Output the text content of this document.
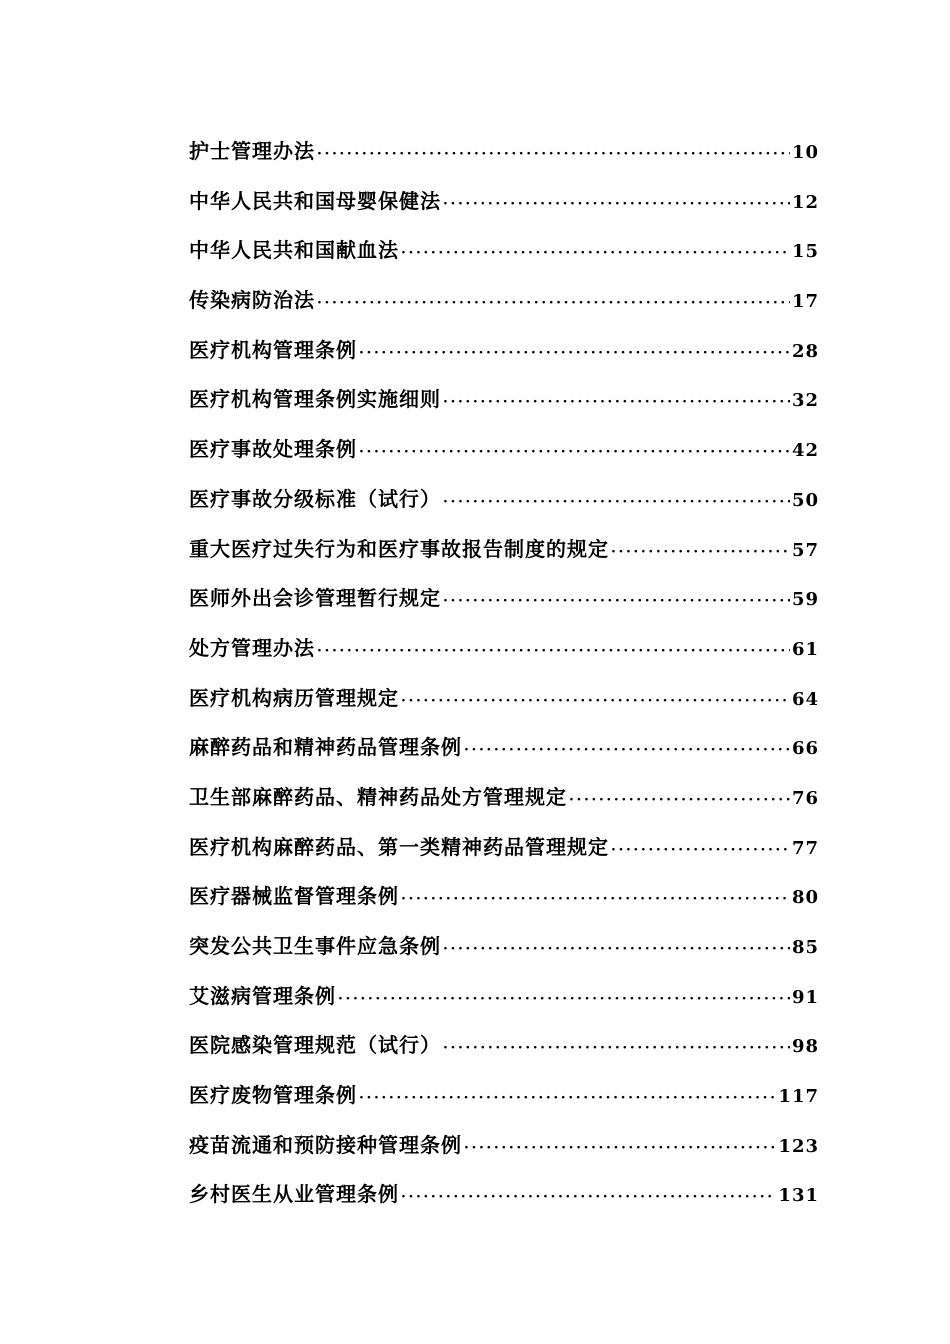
护士管理办法 ·····	10
中华人民共和国母婴保健法 ·····	12
中华人民共和国献血法 ·····	15
传染病防治法 ·····	17
医疗机构管理条例 ·····	28
医疗机构管理条例实施细则 ·····	32
医疗事故处理条例 ·····	42
医疗事故分级标准（试行） ·····	50
重大医疗过失行为和医疗事故报告制度的规定 ·····	57
医师外出会诊管理暂行规定 ·····	59
处方管理办法 ·····	61
医疗机构病历管理规定 ·····	64
麻醉药品和精神药品管理条例 ·····	66
卫生部麻醉药品、精神药品处方管理规定 ·····	76
医疗机构麻醉药品、第一类精神药品管理规定 ·····	77
医疗器械监督管理条例 ·····	80
突发公共卫生事件应急条例 ·····	85
艾滋病管理条例 ·····	91
医院感染管理规范（试行） ·····	98
医疗废物管理条例 ·····	117
疫苗流通和预防接种管理条例 ·····	123
乡村医生从业管理条例 ·····	131
